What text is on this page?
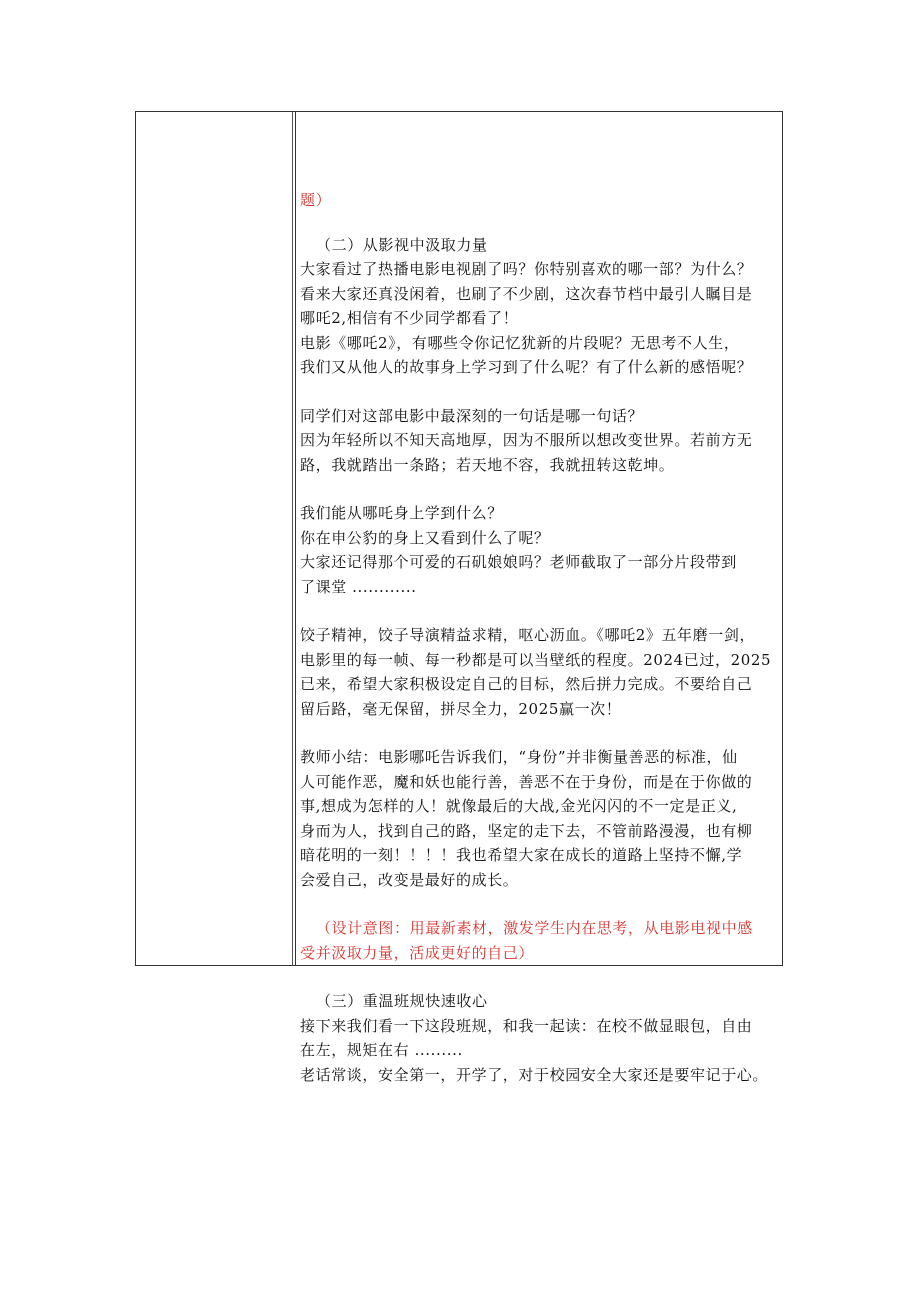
题）
（二）从影视中汲取力量
大家看过了热播电影电视剧了吗？你特别喜欢的哪一部？为什么？
看来大家还真没闲着，也刷了不少剧，这次春节档中最引人瞩目是
哪吒2,相信有不少同学都看了！
电影《哪吒2》，有哪些令你记忆犹新的片段呢？无思考不人生，
我们又从他人的故事身上学习到了什么呢？有了什么新的感悟呢？
同学们对这部电影中最深刻的一句话是哪一句话？
因为年轻所以不知天高地厚，因为不服所以想改变世界。若前方无
路，我就踏出一条路；若天地不容，我就扭转这乾坤。
我们能从哪吒身上学到什么？
你在申公豹的身上又看到什么了呢？
大家还记得那个可爱的石矶娘娘吗？老师截取了一部分片段带到
了课堂 ............
饺子精神，饺子导演精益求精，呕心沥血。《哪吒2》五年磨一剑，
电影里的每一帧、每一秒都是可以当壁纸的程度。2024已过，2025
已来，希望大家积极设定自己的目标，然后拼力完成。不要给自己
留后路，毫无保留，拼尽全力，2025赢一次！
教师小结：电影哪吒告诉我们，“身份”并非衡量善恶的标准，仙
人可能作恶，魔和妖也能行善，善恶不在于身份，而是在于你做的
事,想成为怎样的人！就像最后的大战,金光闪闪的不一定是正义,
身而为人，找到自己的路，坚定的走下去，不管前路漫漫，也有柳
暗花明的一刻！！！！我也希望大家在成长的道路上坚持不懈,学
会爱自己，改变是最好的成长。
（设计意图：用最新素材，激发学生内在思考，从电影电视中感
受并汲取力量，活成更好的自己）
（三）重温班规快速收心
接下来我们看一下这段班规，和我一起读：在校不做显眼包，自由
在左，规矩在右 .........
老话常谈，安全第一，开学了，对于校园安全大家还是要牢记于心。
